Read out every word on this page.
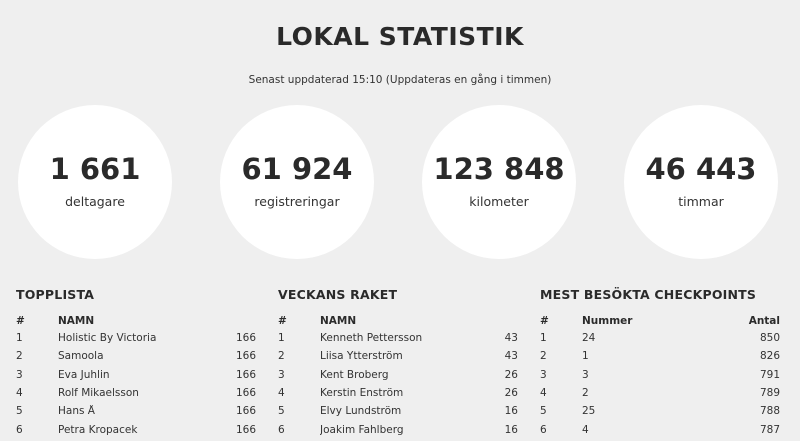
LOKAL STATISTIK
Senast uppdaterad 15:10 (Uppdateras en gång i timmen)
1 661
deltagare
61 924
registreringar
123 848
kilometer
46 443
timmar
TOPPLISTA
#	NAMN
1	Holistic By Victoria	166
2	Samoola	166
3	Eva Juhlin	166
4	Rolf Mikaelsson	166
5	Hans Å	166
6	Petra Kropacek	166
VECKANS RAKET
#	NAMN
1	Kenneth Pettersson	43
2	Liisa Ytterström	43
3	Kent Broberg	26
4	Kerstin Enström	26
5	Elvy Lundström	16
6	Joakim Fahlberg	16
MEST BESÖKTA CHECKPOINTS
#	Nummer	Antal
1	24	850
2	1	826
3	3	791
4	2	789
5	25	788
6	4	787
